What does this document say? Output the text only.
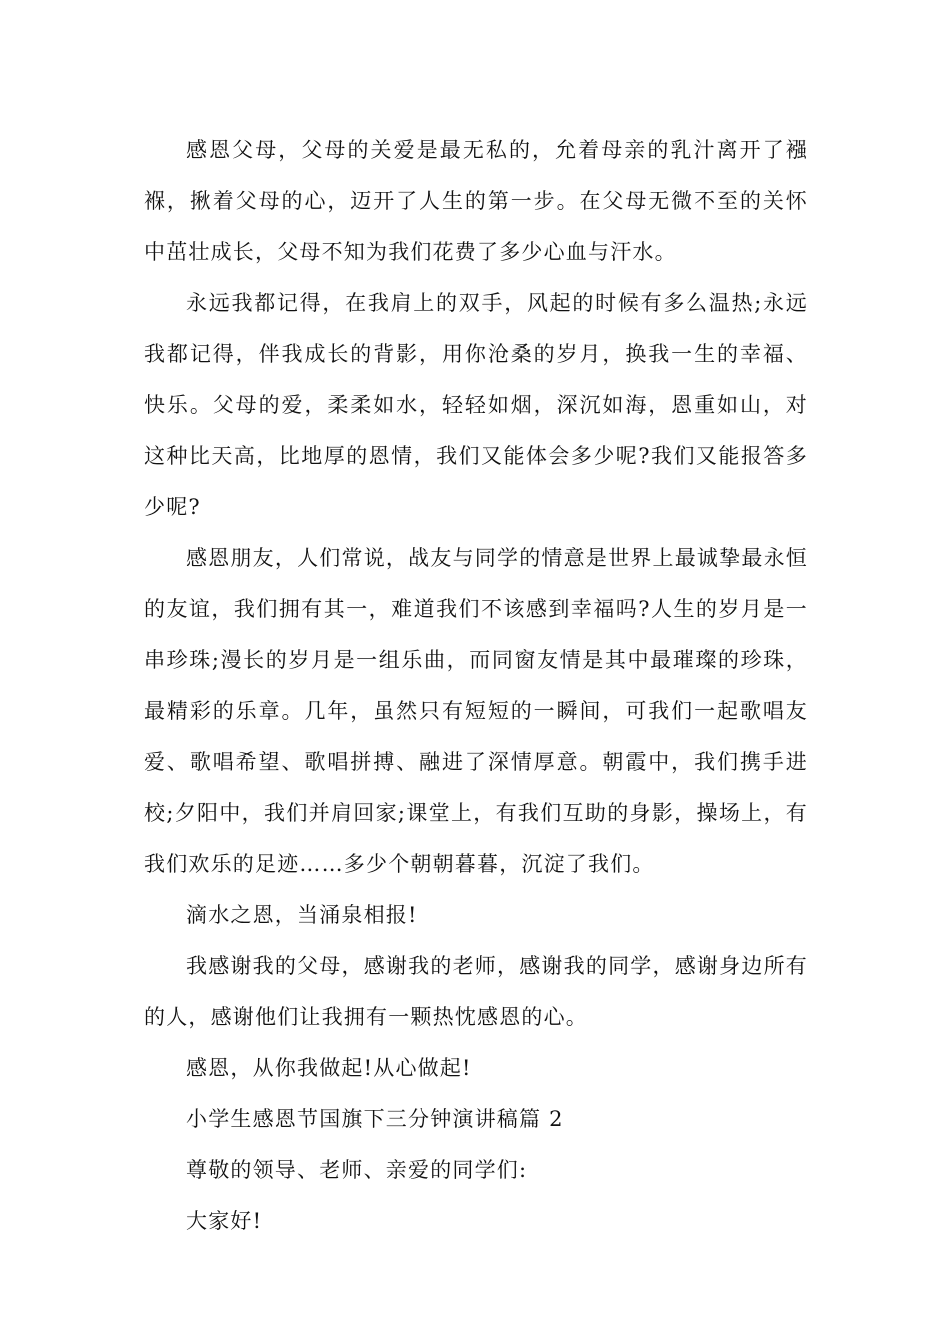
感恩父母，父母的关爱是最无私的，允着母亲的乳汁离开了襁褓，揪着父母的心，迈开了人生的第一步。在父母无微不至的关怀中茁壮成长，父母不知为我们花费了多少心血与汗水。

永远我都记得，在我肩上的双手，风起的时候有多么温热;永远我都记得，伴我成长的背影，用你沧桑的岁月，换我一生的幸福、快乐。父母的爱，柔柔如水，轻轻如烟，深沉如海，恩重如山，对这种比天高，比地厚的恩情，我们又能体会多少呢?我们又能报答多少呢?

感恩朋友，人们常说，战友与同学的情意是世界上最诚挚最永恒的友谊，我们拥有其一，难道我们不该感到幸福吗?人生的岁月是一串珍珠;漫长的岁月是一组乐曲，而同窗友情是其中最璀璨的珍珠，最精彩的乐章。几年，虽然只有短短的一瞬间，可我们一起歌唱友爱、歌唱希望、歌唱拼搏、融进了深情厚意。朝霞中，我们携手进校;夕阳中，我们并肩回家;课堂上，有我们互助的身影，操场上，有我们欢乐的足迹……多少个朝朝暮暮，沉淀了我们。

滴水之恩，当涌泉相报!

我感谢我的父母，感谢我的老师，感谢我的同学，感谢身边所有的人，感谢他们让我拥有一颗热忱感恩的心。

感恩，从你我做起!从心做起!

小学生感恩节国旗下三分钟演讲稿篇 2

尊敬的领导、老师、亲爱的同学们:

大家好!
